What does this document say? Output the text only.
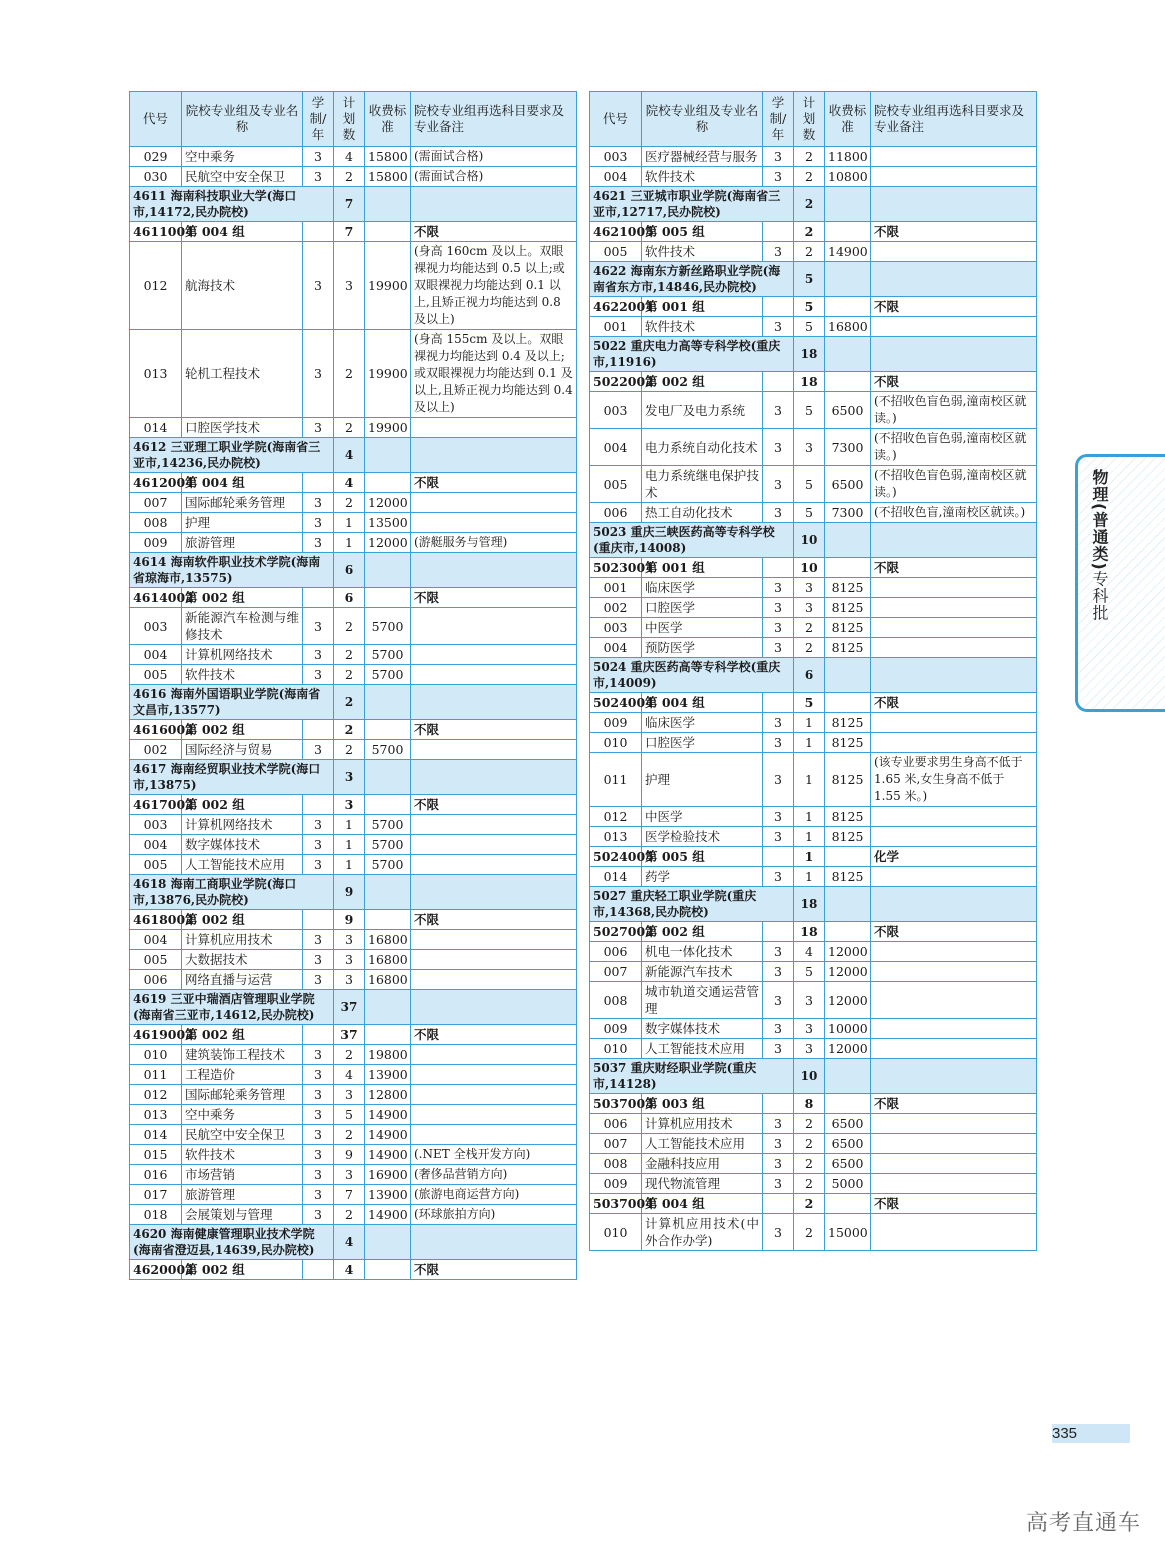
代号	院校专业组及专业名称	学制/年	计划数	收费标准	院校专业组再选科目要求及专业备注
029	空中乘务	3	4	15800	(需面试合格)
030	民航空中安全保卫	3	2	15800	(需面试合格)
4611 海南科技职业大学(海口市,14172,民办院校)			7		
4611004	第 004 组		7		不限
012	航海技术	3	3	19900	(身高 160cm 及以上。双眼裸视力均能达到 0.5 以上;或双眼裸视力均能达到 0.1 以上,且矫正视力均能达到 0.8 及以上)
013	轮机工程技术	3	2	19900	(身高 155cm 及以上。双眼裸视力均能达到 0.4 及以上;或双眼裸视力均能达到 0.1 及以上,且矫正视力均能达到 0.4 及以上)
014	口腔医学技术	3	2	19900	
4612 三亚理工职业学院(海南省三亚市,14236,民办院校)			4		
4612004	第 004 组		4		不限
007	国际邮轮乘务管理	3	2	12000	
008	护理	3	1	13500	
009	旅游管理	3	1	12000	(游艇服务与管理)
4614 海南软件职业技术学院(海南省琼海市,13575)			6		
4614002	第 002 组		6		不限
003	新能源汽车检测与维修技术	3	2	5700	
004	计算机网络技术	3	2	5700	
005	软件技术	3	2	5700	
4616 海南外国语职业学院(海南省文昌市,13577)			2		
4616002	第 002 组		2		不限
002	国际经济与贸易	3	2	5700	
4617 海南经贸职业技术学院(海口市,13875)			3		
4617002	第 002 组		3		不限
003	计算机网络技术	3	1	5700	
004	数字媒体技术	3	1	5700	
005	人工智能技术应用	3	1	5700	
4618 海南工商职业学院(海口市,13876,民办院校)			9		
4618002	第 002 组		9		不限
004	计算机应用技术	3	3	16800	
005	大数据技术	3	3	16800	
006	网络直播与运营	3	3	16800	
4619 三亚中瑞酒店管理职业学院(海南省三亚市,14612,民办院校)			37		
4619002	第 002 组		37		不限
010	建筑装饰工程技术	3	2	19800	
011	工程造价	3	4	13900	
012	国际邮轮乘务管理	3	3	12800	
013	空中乘务	3	5	14900	
014	民航空中安全保卫	3	2	14900	
015	软件技术	3	9	14900	(.NET 全栈开发方向)
016	市场营销	3	3	16900	(奢侈品营销方向)
017	旅游管理	3	7	13900	(旅游电商运营方向)
018	会展策划与管理	3	2	14900	(环球旅拍方向)
4620 海南健康管理职业技术学院(海南省澄迈县,14639,民办院校)			4		
4620002	第 002 组		4		不限
代号	院校专业组及专业名称	学制/年	计划数	收费标准	院校专业组再选科目要求及专业备注
003	医疗器械经营与服务	3	2	11800	
004	软件技术	3	2	10800	
4621 三亚城市职业学院(海南省三亚市,12717,民办院校)			2		
4621005	第 005 组		2		不限
005	软件技术	3	2	14900	
4622 海南东方新丝路职业学院(海南省东方市,14846,民办院校)			5		
4622001	第 001 组		5		不限
001	软件技术	3	5	16800	
5022 重庆电力高等专科学校(重庆市,11916)			18		
5022002	第 002 组		18		不限
003	发电厂及电力系统	3	5	6500	(不招收色盲色弱,潼南校区就读。)
004	电力系统自动化技术	3	3	7300	(不招收色盲色弱,潼南校区就读。)
005	电力系统继电保护技术	3	5	6500	(不招收色盲色弱,潼南校区就读。)
006	热工自动化技术	3	5	7300	(不招收色盲,潼南校区就读。)
5023 重庆三峡医药高等专科学校(重庆市,14008)			10		
5023001	第 001 组		10		不限
001	临床医学	3	3	8125	
002	口腔医学	3	3	8125	
003	中医学	3	2	8125	
004	预防医学	3	2	8125	
5024 重庆医药高等专科学校(重庆市,14009)			6		
5024004	第 004 组		5		不限
009	临床医学	3	1	8125	
010	口腔医学	3	1	8125	
011	护理	3	1	8125	(该专业要求男生身高不低于 1.65 米,女生身高不低于 1.55 米。)
012	中医学	3	1	8125	
013	医学检验技术	3	1	8125	
5024005	第 005 组		1		化学
014	药学	3	1	8125	
5027 重庆轻工职业学院(重庆市,14368,民办院校)			18		
5027002	第 002 组		18		不限
006	机电一体化技术	3	4	12000	
007	新能源汽车技术	3	5	12000	
008	城市轨道交通运营管理	3	3	12000	
009	数字媒体技术	3	3	10000	
010	人工智能技术应用	3	3	12000	
5037 重庆财经职业学院(重庆市,14128)			10		
5037003	第 003 组		8		不限
006	计算机应用技术	3	2	6500	
007	人工智能技术应用	3	2	6500	
008	金融科技应用	3	2	6500	
009	现代物流管理	3	2	5000	
5037004	第 004 组		2		不限
010	计算机应用技术(中外合作办学)	3	2	15000	
物理(普通类)专科批
335
高考直通车
